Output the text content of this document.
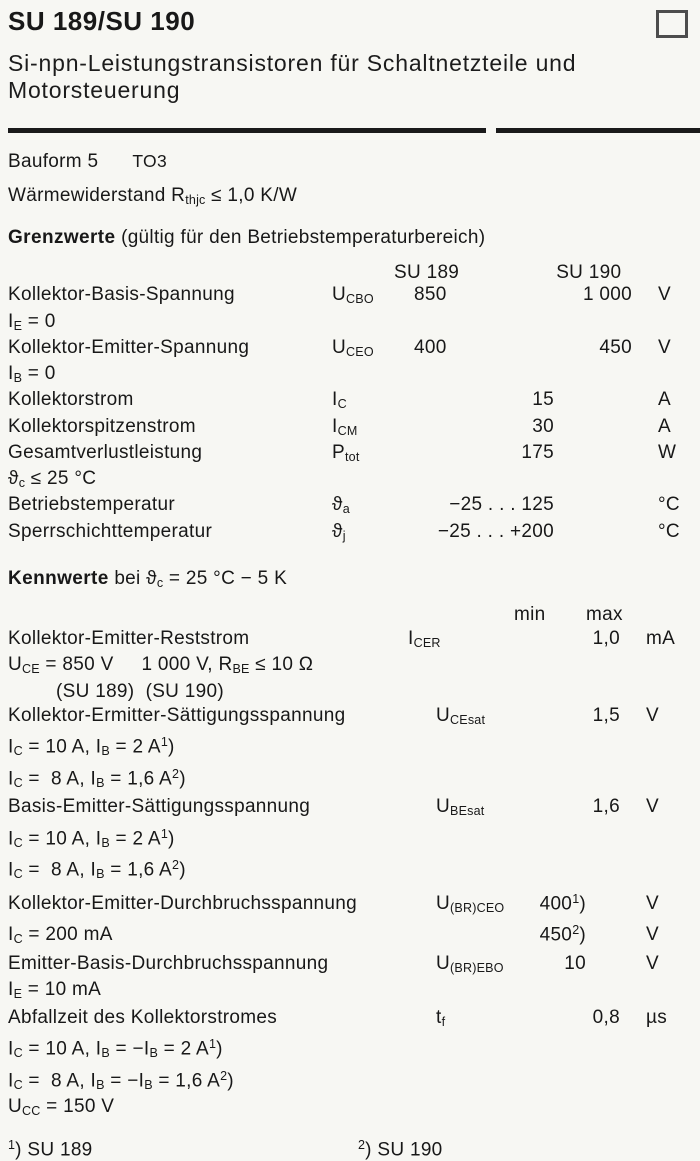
SU 189/SU 190
Si-npn-Leistungstransistoren für Schaltnetzteile und
Motorsteuerung
Bauform 5 TO3
Wärmewiderstand $R_{thjc} \le 1,0$ K/W
Grenzwerte (gültig für den Betriebstemperaturbereich)
SU 189	SU 190
Kollektor-Basis-Spannung	$U_{CBO}$	850	1 000	V
$I_E = 0$
Kollektor-Emitter-Spannung	$U_{CEO}$	400	450	V
$I_B = 0$
Kollektorstrom	$I_C$	15	A
Kollektorspitzenstrom	$I_{CM}$	30	A
Gesamtverlustleistung	$P_{tot}$	175	W
$ϑ_c \le 25$ °C
Betriebstemperatur	$ϑ_a$	−25 . . . 125	°C
Sperrschichttemperatur	$ϑ_j$	−25 . . . +200	°C
Kennwerte bei $ϑ_c = 25$ °C − 5 K
min	max
Kollektor-Emitter-Reststrom	$I_{CER}$	1,0	mA
$U_{CE} = 850$ V     1 000 V, $R_{BE} \le 10$ Ω
(SU 189)  (SU 190)
Kollektor-Ermitter-Sättigungsspannung	$U_{CEsat}$	1,5	V
$I_C = 10$ A, $I_B = 2$ $A^1$)
$I_C = 8$ A, $I_B = 1,6$ $A^2$)
Basis-Emitter-Sättigungsspannung	$U_{BEsat}$	1,6	V
$I_C = 10$ A, $I_B = 2$ $A^1$)
$I_C = 8$ A, $I_B = 1,6$ $A^2$)
Kollektor-Emitter-Durchbruchsspannung	$U_{(BR)CEO}$	$400^1$)	V
$I_C = 200$ mA	$450^2$)	V
Emitter-Basis-Durchbruchsspannung	$U_{(BR)EBO}$	10	V
$I_E = 10$ mA
Abfallzeit des Kollektorstromes	$t_f$	0,8	µs
$I_C = 10$ A, $I_B = -I_B = 2$ $A^1$)
$I_C = 8$ A, $I_B = -I_B = 1,6$ $A^2$)
$U_{CC} = 150$ V
$^1$) SU 189	$^2$) SU 190
